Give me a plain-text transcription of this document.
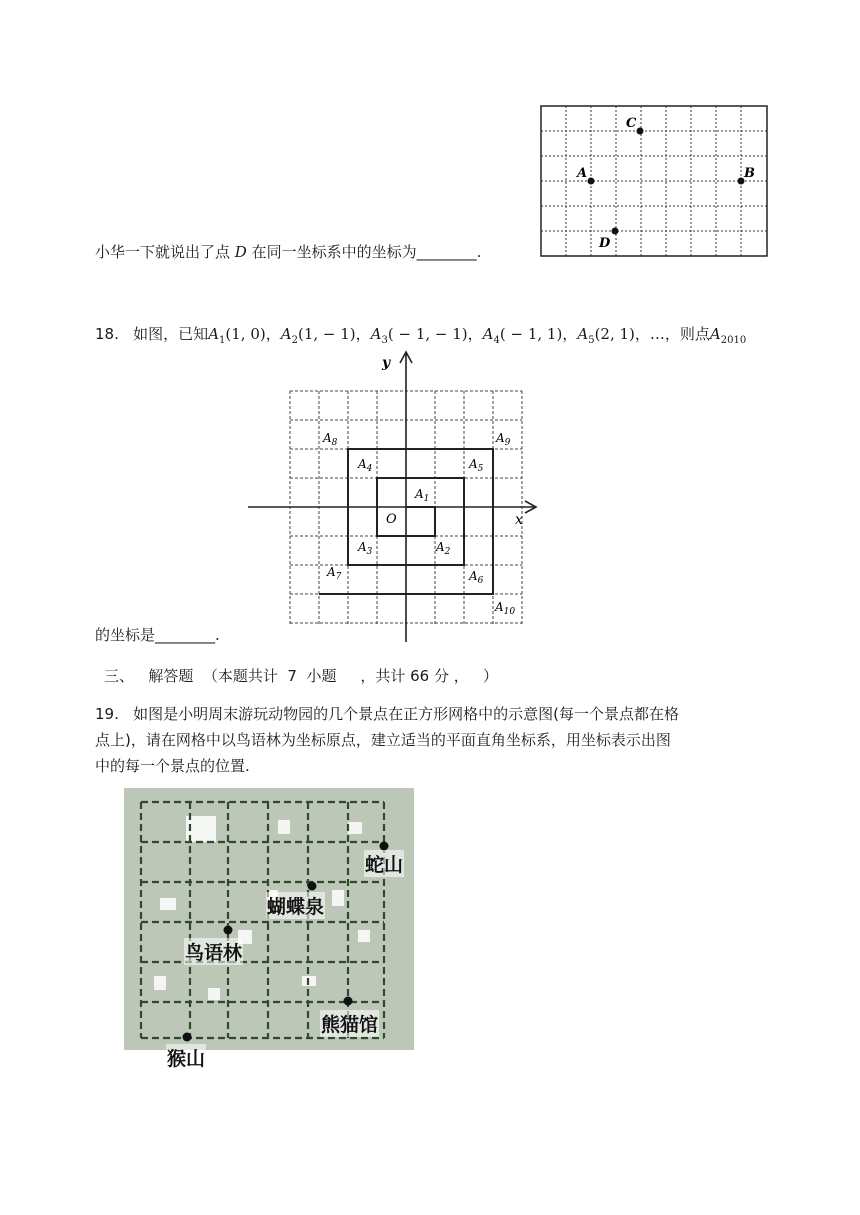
C
A	B
D
小华一下就说出了点 D 在同一坐标系中的坐标为________.
18. 如图，已知$A_1(1$, 0)，$A_2(1$, − 1)，$A_3( - 1$, − 1)，$A_4( - 1$, 1)，$A_5(2$, 1)，…，则点$A_{2010}$
x
y
O
$A_1$
$A_2$
$A_3$
$A_4$	$A_5$
$A_6$
$A_7$
$A_8$	$A_9$
$A_{10}$
的坐标是________.
三、 解答题 （本题共计  7  小题     ，共计 66 分 ，   ）
19. 如图是小明周末游玩动物园的几个景点在正方形网格中的示意图(每一个景点都在格
点上)，请在网格中以鸟语林为坐标原点，建立适当的平面直角坐标系，用坐标表示出图
中的每一个景点的位置.
蛇山
蝴蝶泉
鸟语林
熊猫馆
猴山
